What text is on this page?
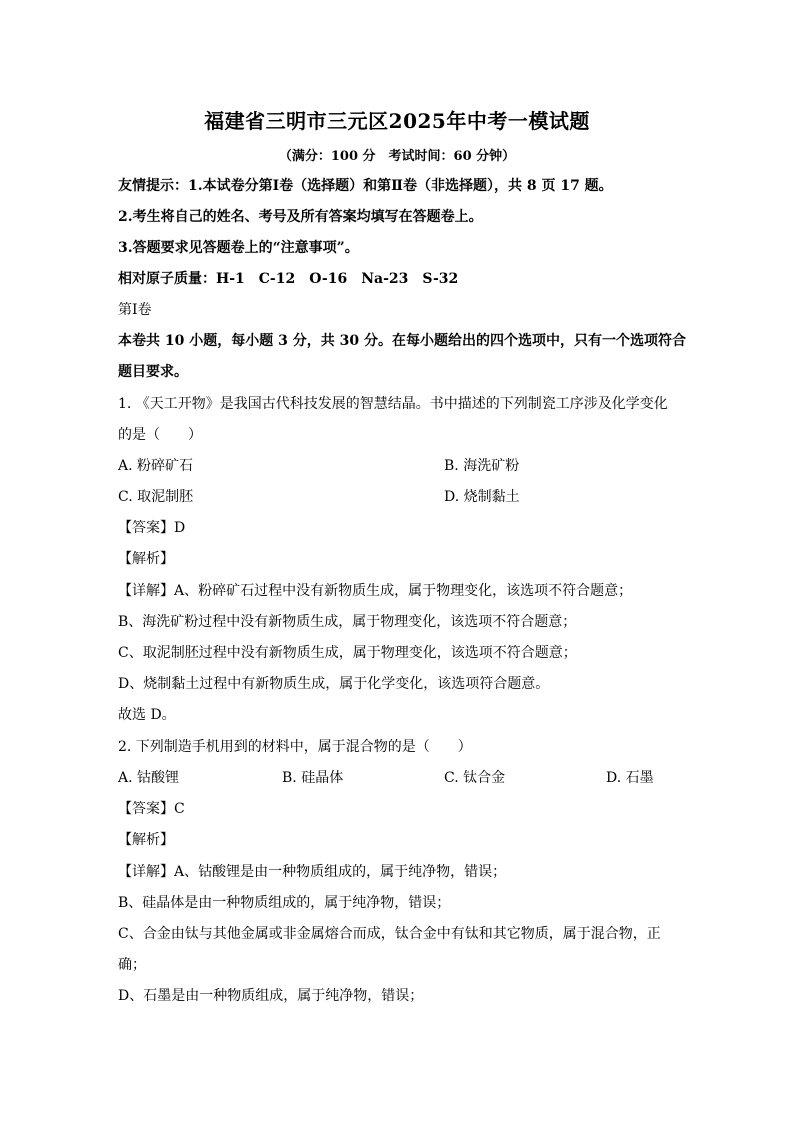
福建省三明市三元区2025年中考一模试题
（满分：100 分　考试时间：60 分钟）
友情提示：1.本试卷分第Ⅰ卷（选择题）和第Ⅱ卷（非选择题），共 8 页 17 题。
2.考生将自己的姓名、考号及所有答案均填写在答题卷上。
3.答题要求见答题卷上的“注意事项”。
相对原子质量：H-1　C-12　O-16　Na-23　S-32
第Ⅰ卷
本卷共 10 小题，每小题 3 分，共 30 分。在每小题给出的四个选项中，只有一个选项符合
题目要求。
1. 《天工开物》是我国古代科技发展的智慧结晶。书中描述的下列制瓷工序涉及化学变化
的是（　　）
A. 粉碎矿石	B. 海洗矿粉
C. 取泥制胚	D. 烧制黏土
【答案】D
【解析】
【详解】A、粉碎矿石过程中没有新物质生成，属于物理变化，该选项不符合题意；
B、海洗矿粉过程中没有新物质生成，属于物理变化，该选项不符合题意；
C、取泥制胚过程中没有新物质生成，属于物理变化，该选项不符合题意；
D、烧制黏土过程中有新物质生成，属于化学变化，该选项符合题意。
故选 D。
2. 下列制造手机用到的材料中，属于混合物的是（　　）
A. 钴酸锂	B. 硅晶体	C. 钛合金	D. 石墨
【答案】C
【解析】
【详解】A、钴酸锂是由一种物质组成的，属于纯净物，错误；
B、硅晶体是由一种物质组成的，属于纯净物，错误；
C、合金由钛与其他金属或非金属熔合而成，钛合金中有钛和其它物质，属于混合物，正
确；
D、石墨是由一种物质组成，属于纯净物，错误；
